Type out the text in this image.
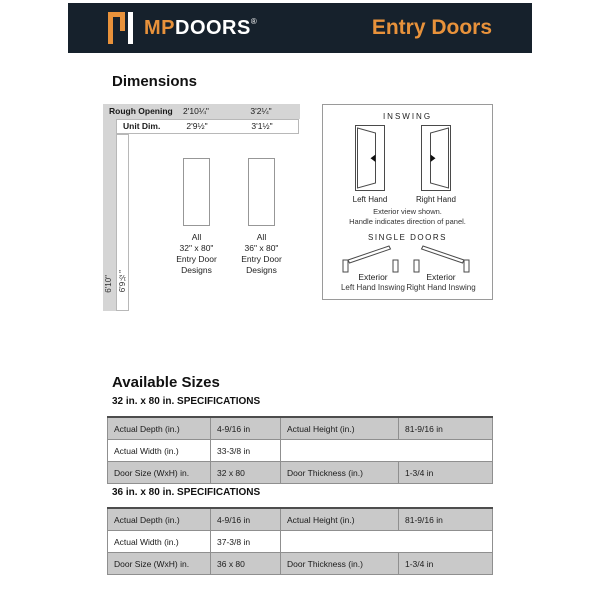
MPDOORS®	Entry Doors
Dimensions
Rough Opening	2'10¼"	3'2¼"
Unit Dim.	2'9½"	3'1½"
6'10" 6'9½"
All
32" x 80"
Entry Door
Designs
All
36" x 80"
Entry Door
Designs
INSWING
Left Hand	Right Hand
Exterior view shown.
Handle indicates direction of panel.
SINGLE DOORS
Exterior
Left Hand Inswing
Exterior
Right Hand Inswing
Available Sizes
32 in. x 80 in. SPECIFICATIONS
Actual Depth (in.)	4-9/16 in	Actual Height (in.)	81-9/16 in
Actual Width (in.)	33-3/8 in		
Door Size (WxH) in.	32 x 80	Door Thickness (in.)	1-3/4 in
36 in. x 80 in. SPECIFICATIONS
Actual Depth (in.)	4-9/16 in	Actual Height (in.)	81-9/16 in
Actual Width (in.)	37-3/8 in		
Door Size (WxH) in.	36 x 80	Door Thickness (in.)	1-3/4 in
